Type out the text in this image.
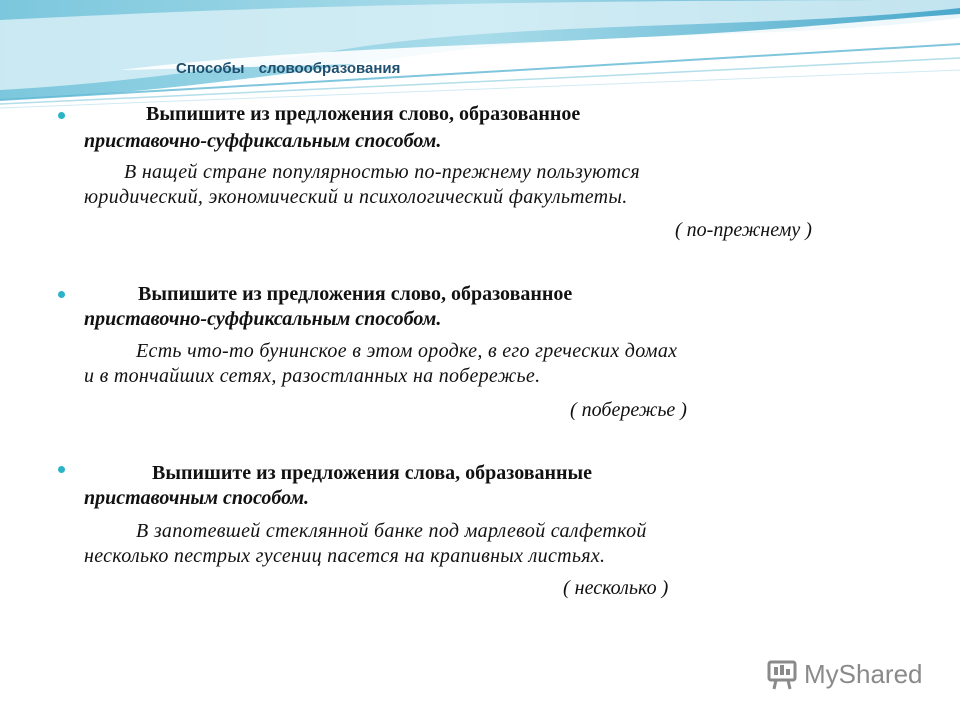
Способы словообразования
Выпишите из предложения слово, образованное
приставочно-суффиксальным способом.
В нащей стране популярностью по-прежнему пользуются
юридический, экономический и психологический факультеты.
( по-прежнему )
Выпишите из предложения слово, образованное
приставочно-суффиксальным способом.
Есть что-то бунинское в этом ородке, в его греческих домах
и в тончайших сетях, разостланных на побережье.
( побережье )
Выпишите из предложения слова, образованные
приставочным способом.
В запотевшей стеклянной банке под марлевой салфеткой
несколько пестрых гусениц пасется на крапивных листьях.
( несколько )
MyShared
